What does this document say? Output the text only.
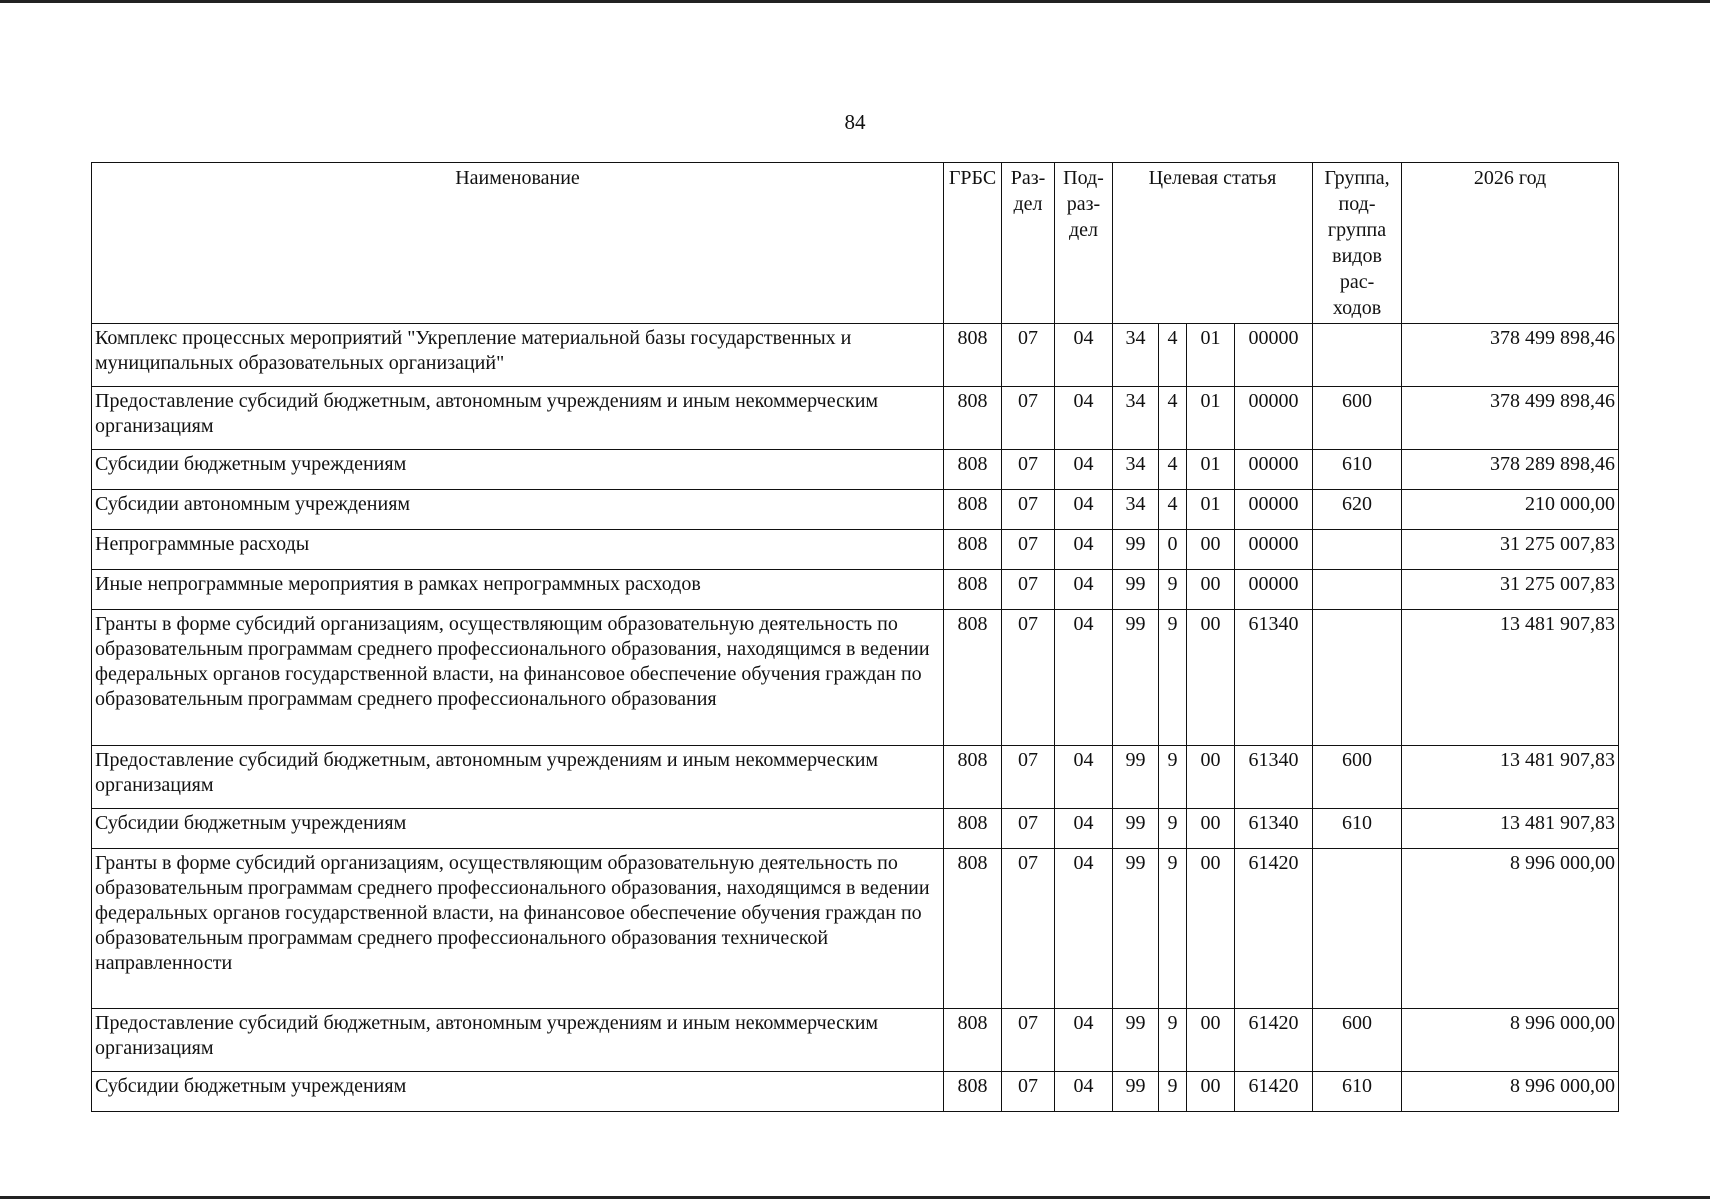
84
Наименование	ГРБС	Раз-дел	Под-раз-дел	Целевая статья				Группа, под-группа видов рас-ходов	2026 год
Комплекс процессных мероприятий "Укрепление материальной базы государственных и муниципальных образовательных организаций"	808	07	04	34	4	01	00000		378 499 898,46
Предоставление субсидий бюджетным, автономным учреждениям и иным некоммерческим организациям	808	07	04	34	4	01	00000	600	378 499 898,46
Субсидии бюджетным учреждениям	808	07	04	34	4	01	00000	610	378 289 898,46
Субсидии автономным учреждениям	808	07	04	34	4	01	00000	620	210 000,00
Непрограммные расходы	808	07	04	99	0	00	00000		31 275 007,83
Иные непрограммные мероприятия в рамках непрограммных расходов	808	07	04	99	9	00	00000		31 275 007,83
Гранты в форме субсидий организациям, осуществляющим образовательную деятельность по образовательным программам среднего профессионального образования, находящимся в ведении федеральных органов государственной власти, на финансовое обеспечение обучения граждан по образовательным программам среднего профессионального образования	808	07	04	99	9	00	61340		13 481 907,83
Предоставление субсидий бюджетным, автономным учреждениям и иным некоммерческим организациям	808	07	04	99	9	00	61340	600	13 481 907,83
Субсидии бюджетным учреждениям	808	07	04	99	9	00	61340	610	13 481 907,83
Гранты в форме субсидий организациям, осуществляющим образовательную деятельность по образовательным программам среднего профессионального образования, находящимся в ведении федеральных органов государственной власти, на финансовое обеспечение обучения граждан по образовательным программам среднего профессионального образования технической направленности	808	07	04	99	9	00	61420		8 996 000,00
Предоставление субсидий бюджетным, автономным учреждениям и иным некоммерческим организациям	808	07	04	99	9	00	61420	600	8 996 000,00
Субсидии бюджетным учреждениям	808	07	04	99	9	00	61420	610	8 996 000,00
